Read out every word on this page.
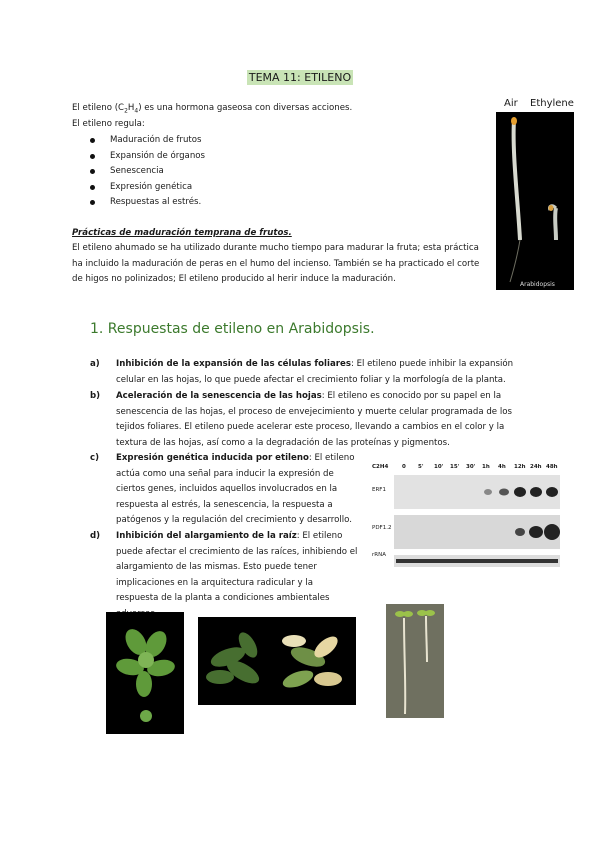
TEMA 11: ETILENO
El etileno $(C_2H_4)$ es una hormona gaseosa con diversas acciones.
El etileno regula:
Maduración de frutos
Expansión de órganos
Senescencia
Expresión genética
Respuestas al estrés.
Prácticas de maduración temprana de frutos.
El etileno ahumado se ha utilizado durante mucho tiempo para madurar la fruta; esta práctica ha incluido la maduración de peras en el humo del incienso. También se ha practicado el corte de higos no polinizados; El etileno producido al herir induce la maduración.
Air Ethylene
Arabidopsis
1. Respuestas de etileno en Arabidopsis.
a) Inhibición de la expansión de las células foliares: El etileno puede inhibir la expansión celular en las hojas, lo que puede afectar el crecimiento foliar y la morfología de la planta.
b) Aceleración de la senescencia de las hojas: El etileno es conocido por su papel en la senescencia de las hojas, el proceso de envejecimiento y muerte celular programada de los tejidos foliares. El etileno puede acelerar este proceso, llevando a cambios en el color y la textura de las hojas, así como a la degradación de las proteínas y pigmentos.
c) Expresión genética inducida por etileno: El etileno actúa como una señal para inducir la expresión de ciertos genes, incluidos aquellos involucrados en la respuesta al estrés, la senescencia, la respuesta a patógenos y la regulación del crecimiento y desarrollo.
d) Inhibición del alargamiento de la raíz: El etileno puede afectar el crecimiento de las raíces, inhibiendo el alargamiento de las mismas. Esto puede tener implicaciones en la arquitectura radicular y la respuesta de la planta a condiciones ambientales
C2H4 0 5' 10' 15' 30' 1h 4h 12h 24h 48h
ERF1
PDF1.2
rRNA
